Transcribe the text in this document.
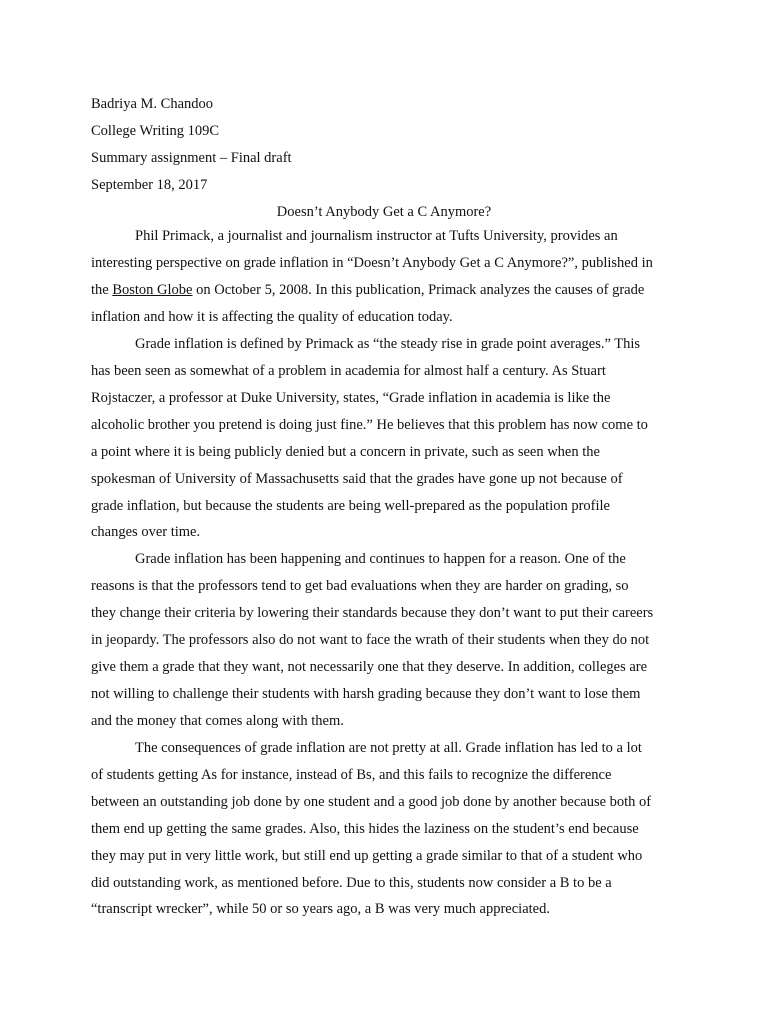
Badriya M. Chandoo
College Writing 109C
Summary assignment – Final draft
September 18, 2017
Doesn’t Anybody Get a C Anymore?
Phil Primack, a journalist and journalism instructor at Tufts University, provides an
interesting perspective on grade inflation in “Doesn’t Anybody Get a C Anymore?”, published in
the Boston Globe on October 5, 2008. In this publication, Primack analyzes the causes of grade
inflation and how it is affecting the quality of education today.
Grade inflation is defined by Primack as “the steady rise in grade point averages.” This
has been seen as somewhat of a problem in academia for almost half a century. As Stuart
Rojstaczer, a professor at Duke University, states, “Grade inflation in academia is like the
alcoholic brother you pretend is doing just fine.” He believes that this problem has now come to
a point where it is being publicly denied but a concern in private, such as seen when the
spokesman of University of Massachusetts said that the grades have gone up not because of
grade inflation, but because the students are being well-prepared as the population profile
changes over time.
Grade inflation has been happening and continues to happen for a reason. One of the
reasons is that the professors tend to get bad evaluations when they are harder on grading, so
they change their criteria by lowering their standards because they don’t want to put their careers
in jeopardy. The professors also do not want to face the wrath of their students when they do not
give them a grade that they want, not necessarily one that they deserve. In addition, colleges are
not willing to challenge their students with harsh grading because they don’t want to lose them
and the money that comes along with them.
The consequences of grade inflation are not pretty at all. Grade inflation has led to a lot
of students getting As for instance, instead of Bs, and this fails to recognize the difference
between an outstanding job done by one student and a good job done by another because both of
them end up getting the same grades. Also, this hides the laziness on the student’s end because
they may put in very little work, but still end up getting a grade similar to that of a student who
did outstanding work, as mentioned before. Due to this, students now consider a B to be a
“transcript wrecker”, while 50 or so years ago, a B was very much appreciated.
